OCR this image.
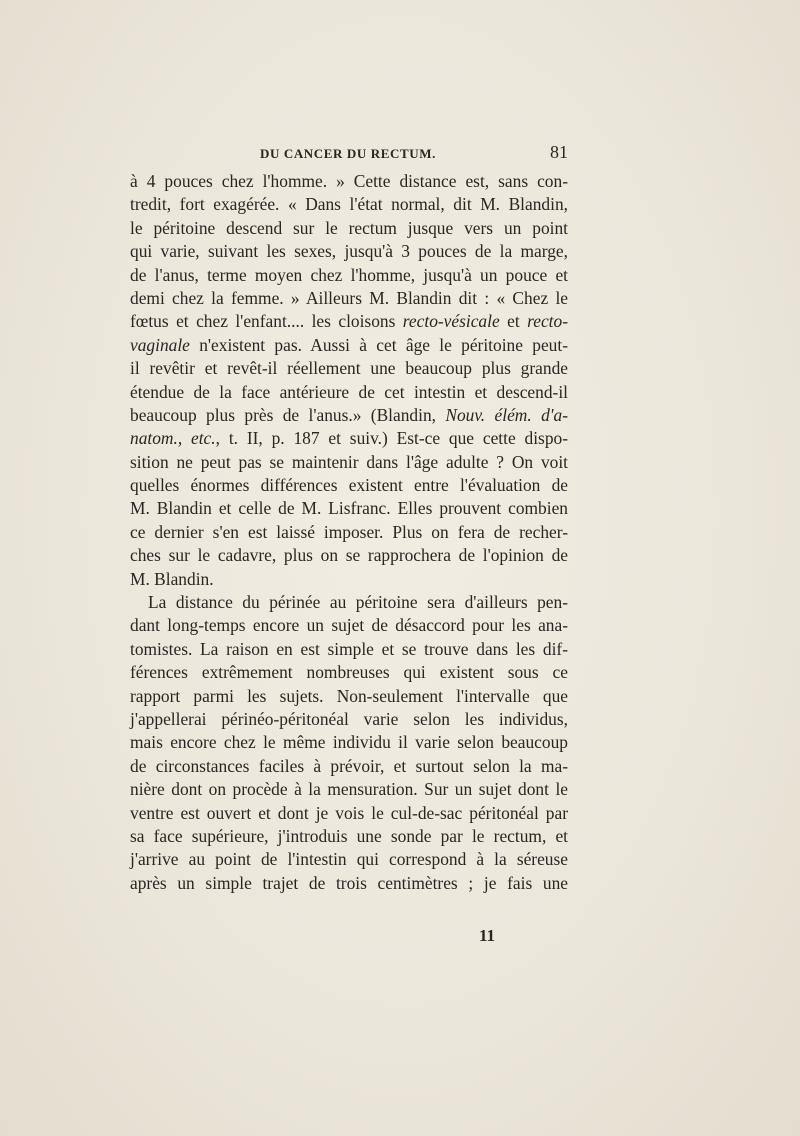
DU CANCER DU RECTUM.	81
à 4 pouces chez l'homme. » Cette distance est, sans con-
tredit, fort exagérée. « Dans l'état normal, dit M. Blandin,
le péritoine descend sur le rectum jusque vers un point
qui varie, suivant les sexes, jusqu'à 3 pouces de la marge,
de l'anus, terme moyen chez l'homme, jusqu'à un pouce et
demi chez la femme. » Ailleurs M. Blandin dit : « Chez le
fœtus et chez l'enfant.... les cloisons recto-vésicale et recto-
vaginale n'existent pas. Aussi à cet âge le péritoine peut-
il revêtir et revêt-il réellement une beaucoup plus grande
étendue de la face antérieure de cet intestin et descend-il
beaucoup plus près de l'anus.» (Blandin, Nouv. élém. d'a-
natom., etc., t. II, p. 187 et suiv.) Est-ce que cette dispo-
sition ne peut pas se maintenir dans l'âge adulte ? On voit
quelles énormes différences existent entre l'évaluation de
M. Blandin et celle de M. Lisfranc. Elles prouvent combien
ce dernier s'en est laissé imposer. Plus on fera de recher-
ches sur le cadavre, plus on se rapprochera de l'opinion de
M. Blandin.
La distance du périnée au péritoine sera d'ailleurs pen-
dant long-temps encore un sujet de désaccord pour les ana-
tomistes. La raison en est simple et se trouve dans les dif-
férences extrêmement nombreuses qui existent sous ce
rapport parmi les sujets. Non-seulement l'intervalle que
j'appellerai périnéo-péritonéal varie selon les individus,
mais encore chez le même individu il varie selon beaucoup
de circonstances faciles à prévoir, et surtout selon la ma-
nière dont on procède à la mensuration. Sur un sujet dont le
ventre est ouvert et dont je vois le cul-de-sac péritonéal par
sa face supérieure, j'introduis une sonde par le rectum, et
j'arrive au point de l'intestin qui correspond à la séreuse
après un simple trajet de trois centimètres ; je fais une
11
